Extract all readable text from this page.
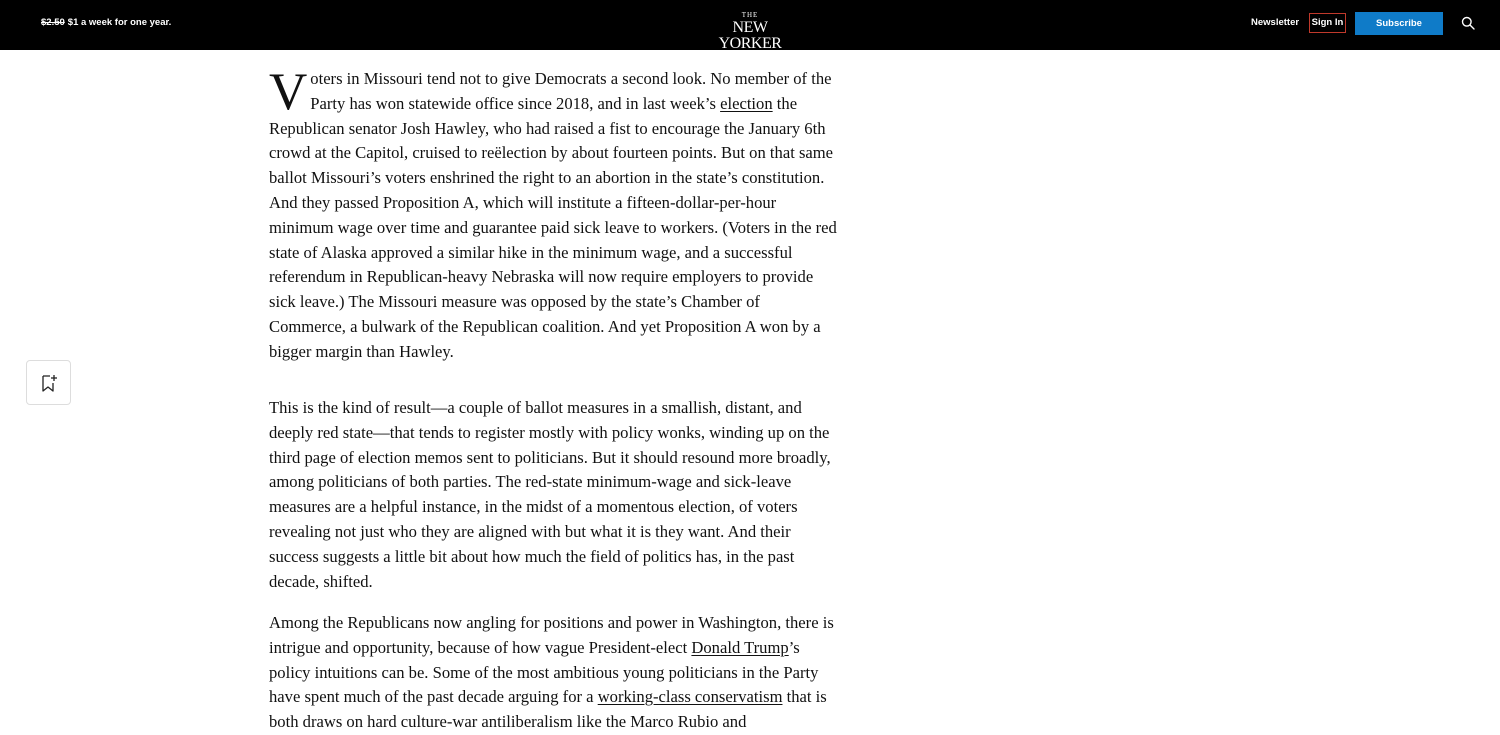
$2.50 $1 a week for one year.
THE
NEW YORKER
Newsletter Sign In	Subscribe

Voters in Missouri tend not to give Democrats a second look. No member of the Party has won statewide office since 2018, and in last week’s election the Republican senator Josh Hawley, who had raised a fist to encourage the January 6th crowd at the Capitol, cruised to reëlection by about fourteen points. But on that same ballot Missouri’s voters enshrined the right to an abortion in the state’s constitution. And they passed Proposition A, which will institute a fifteen-dollar-per-hour minimum wage over time and guarantee paid sick leave to workers. (Voters in the red state of Alaska approved a similar hike in the minimum wage, and a successful referendum in Republican-heavy Nebraska will now require employers to provide sick leave.) The Missouri measure was opposed by the state’s Chamber of Commerce, a bulwark of the Republican coalition. And yet Proposition A won by a bigger margin than Hawley.

This is the kind of result—a couple of ballot measures in a smallish, distant, and deeply red state—that tends to register mostly with policy wonks, winding up on the third page of election memos sent to politicians. But it should resound more broadly, among politicians of both parties. The red-state minimum-wage and sick-leave measures are a helpful instance, in the midst of a momentous election, of voters revealing not just who they are aligned with but what it is they want. And their success suggests a little bit about how much the field of politics has, in the past decade, shifted.

Among the Republicans now angling for positions and power in Washington, there is intrigue and opportunity, because of how vague President-elect Donald Trump’s policy intuitions can be. Some of the most ambitious young politicians in the Party have spent much of the past decade arguing for a working-class conservatism that is both draws on hard culture-war antiliberalism like the Marco Rubio and
